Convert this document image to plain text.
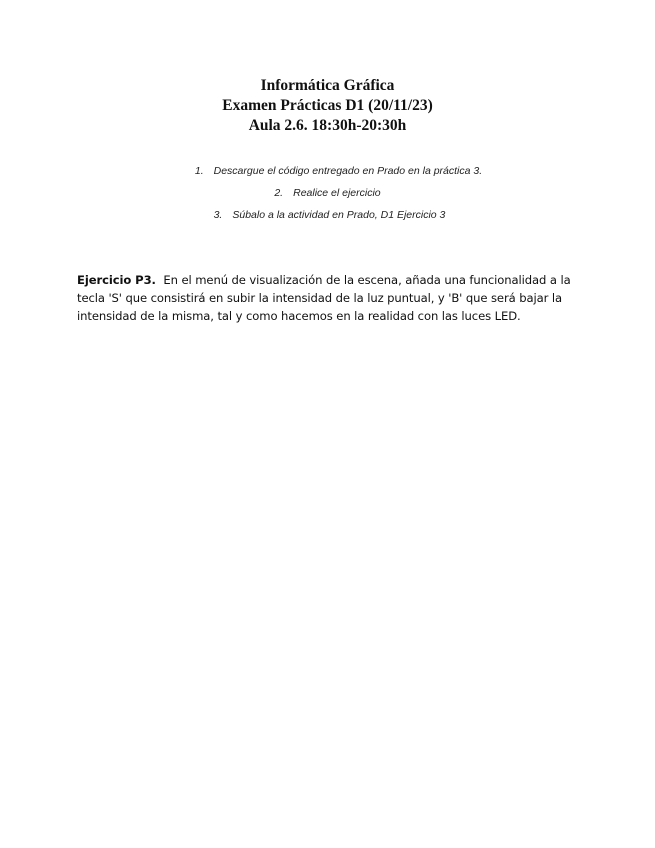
Informática Gráfica
Examen Prácticas D1 (20/11/23)
Aula 2.6. 18:30h-20:30h
1. Descargue el código entregado en Prado en la práctica 3.
2. Realice el ejercicio
3. Súbalo a la actividad en Prado, D1 Ejercicio 3
Ejercicio P3. En el menú de visualización de la escena, añada una funcionalidad a la tecla 'S' que consistirá en subir la intensidad de la luz puntual, y 'B' que será bajar la intensidad de la misma, tal y como hacemos en la realidad con las luces LED.
